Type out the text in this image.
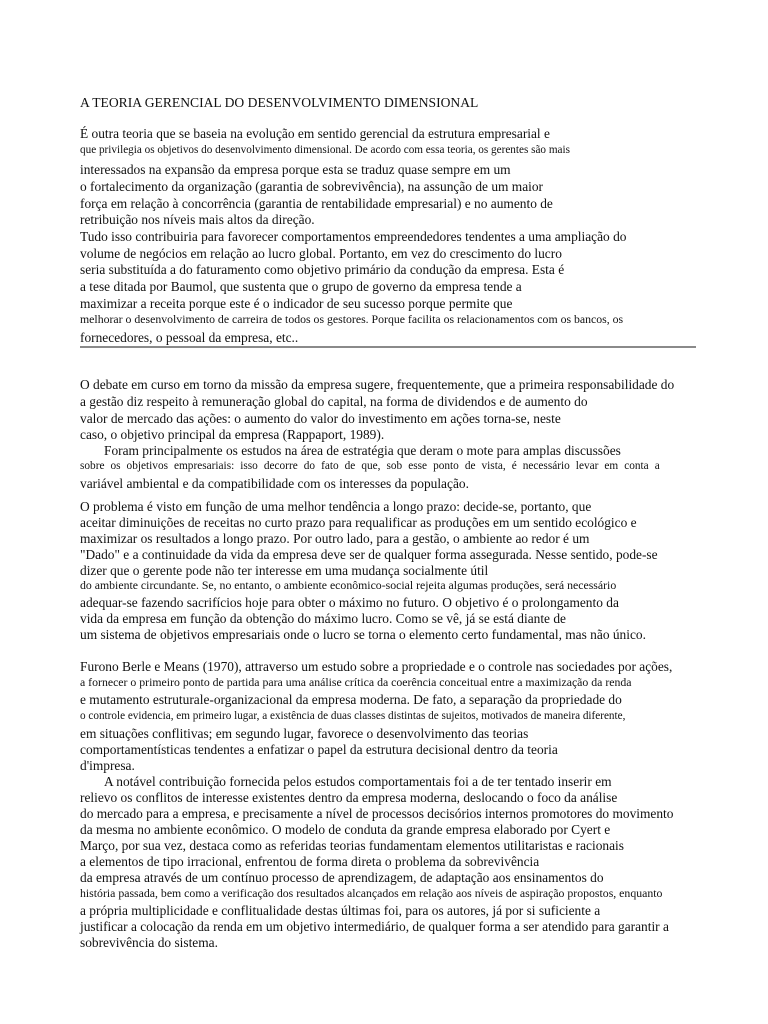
A TEORIA GERENCIAL DO DESENVOLVIMENTO DIMENSIONAL
É outra teoria que se baseia na evolução em sentido gerencial da estrutura empresarial e
que privilegia os objetivos do desenvolvimento dimensional. De acordo com essa teoria, os gerentes são mais
interessados na expansão da empresa porque esta se traduz quase sempre em um
o fortalecimento da organização (garantia de sobrevivência), na assunção de um maior
força em relação à concorrência (garantia de rentabilidade empresarial) e no aumento de
retribuição nos níveis mais altos da direção.
Tudo isso contribuiria para favorecer comportamentos empreendedores tendentes a uma ampliação do
volume de negócios em relação ao lucro global. Portanto, em vez do crescimento do lucro
seria substituída a do faturamento como objetivo primário da condução da empresa. Esta é
a tese ditada por Baumol, que sustenta que o grupo de governo da empresa tende a
maximizar a receita porque este é o indicador de seu sucesso porque permite que
melhorar o desenvolvimento de carreira de todos os gestores. Porque facilita os relacionamentos com os bancos, os
fornecedores, o pessoal da empresa, etc..
O debate em curso em torno da missão da empresa sugere, frequentemente, que a primeira responsabilidade do
a gestão diz respeito à remuneração global do capital, na forma de dividendos e de aumento do
valor de mercado das ações: o aumento do valor do investimento em ações torna-se, neste
caso, o objetivo principal da empresa (Rappaport, 1989).
Foram principalmente os estudos na área de estratégia que deram o mote para amplas discussões
sobre os objetivos empresariais: isso decorre do fato de que, sob esse ponto de vista, é necessário levar em conta a
variável ambiental e da compatibilidade com os interesses da população.
O problema é visto em função de uma melhor tendência a longo prazo: decide-se, portanto, que
aceitar diminuições de receitas no curto prazo para requalificar as produções em um sentido ecológico e
maximizar os resultados a longo prazo. Por outro lado, para a gestão, o ambiente ao redor é um
"Dado" e a continuidade da vida da empresa deve ser de qualquer forma assegurada. Nesse sentido, pode-se
dizer que o gerente pode não ter interesse em uma mudança socialmente útil
do ambiente circundante. Se, no entanto, o ambiente econômico-social rejeita algumas produções, será necessário
adequar-se fazendo sacrifícios hoje para obter o máximo no futuro. O objetivo é o prolongamento da
vida da empresa em função da obtenção do máximo lucro. Como se vê, já se está diante de
um sistema de objetivos empresariais onde o lucro se torna o elemento certo fundamental, mas não único.
Furono Berle e Means (1970), attraverso um estudo sobre a propriedade e o controle nas sociedades por ações,
a fornecer o primeiro ponto de partida para uma análise crítica da coerência conceitual entre a maximização da renda
e mutamento estruturale-organizacional da empresa moderna. De fato, a separação da propriedade do
o controle evidencia, em primeiro lugar, a existência de duas classes distintas de sujeitos, motivados de maneira diferente,
em situações conflitivas; em segundo lugar, favorece o desenvolvimento das teorias
comportamentísticas tendentes a enfatizar o papel da estrutura decisional dentro da teoria
d'impresa.
A notável contribuição fornecida pelos estudos comportamentais foi a de ter tentado inserir em
relievo os conflitos de interesse existentes dentro da empresa moderna, deslocando o foco da análise
do mercado para a empresa, e precisamente a nível de processos decisórios internos promotores do movimento
da mesma no ambiente econômico. O modelo de conduta da grande empresa elaborado por Cyert e
Março, por sua vez, destaca como as referidas teorias fundamentam elementos utilitaristas e racionais
a elementos de tipo irracional, enfrentou de forma direta o problema da sobrevivência
da empresa através de um contínuo processo de aprendizagem, de adaptação aos ensinamentos do
história passada, bem como a verificação dos resultados alcançados em relação aos níveis de aspiração propostos, enquanto
a própria multiplicidade e conflitualidade destas últimas foi, para os autores, já por si suficiente a
justificar a colocação da renda em um objetivo intermediário, de qualquer forma a ser atendido para garantir a
sobrevivência do sistema.
